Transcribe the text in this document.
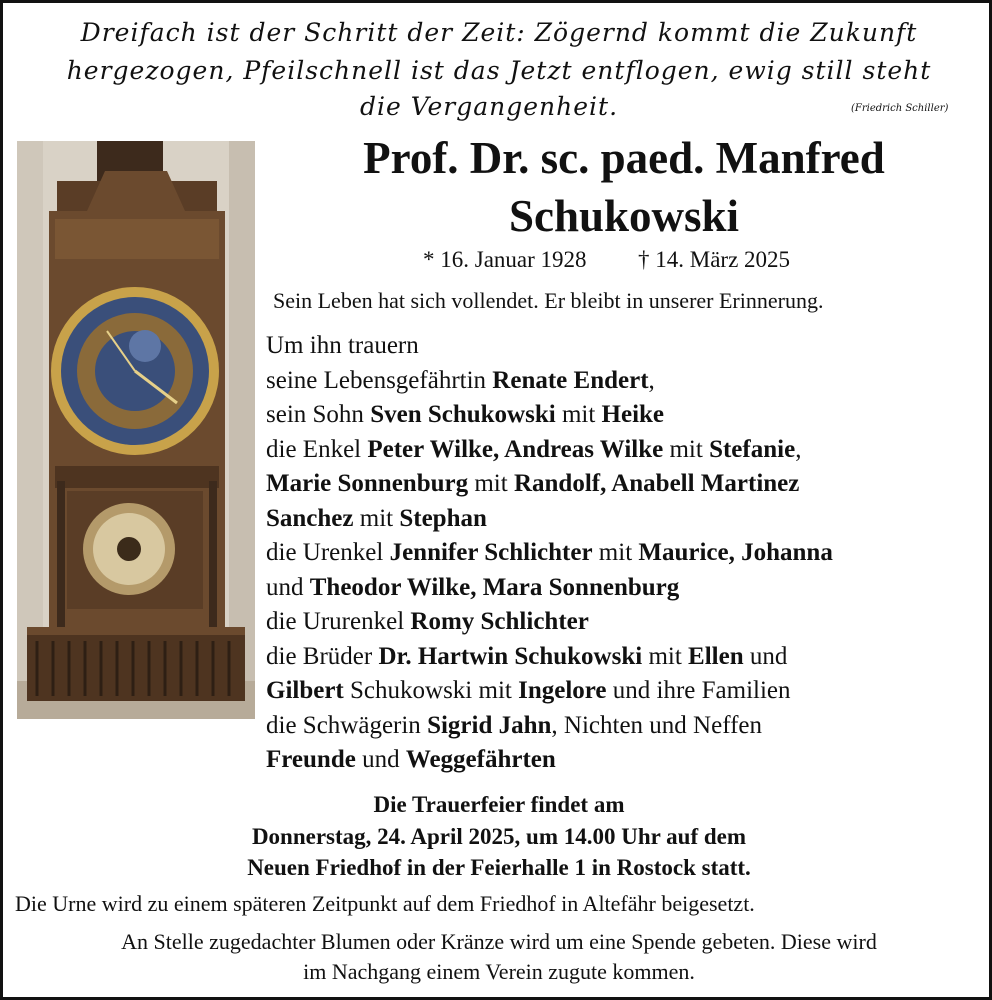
Dreifach ist der Schritt der Zeit: Zögernd kommt die Zukunft

hergezogen, Pfeilschnell ist das Jetzt entflogen, ewig still steht

die Vergangenheit.	(Friedrich Schiller)
Prof. Dr. sc. paed. Manfred
Schukowski
* 16. Januar 1928 † 14. März 2025

Sein Leben hat sich vollendet. Er bleibt in unserer Erinnerung.

Um ihn trauern
seine Lebensgefährtin Renate Endert,
sein Sohn Sven Schukowski mit Heike
die Enkel Peter Wilke, Andreas Wilke mit Stefanie,
Marie Sonnenburg mit Randolf, Anabell Martinez
Sanchez mit Stephan
die Urenkel Jennifer Schlichter mit Maurice, Johanna
und Theodor Wilke, Mara Sonnenburg
die Ururenkel Romy Schlichter
die Brüder Dr. Hartwin Schukowski mit Ellen und
Gilbert Schukowski mit Ingelore und ihre Familien
die Schwägerin Sigrid Jahn, Nichten und Neffen
Freunde und Weggefährten

Die Trauerfeier findet am

Donnerstag, 24. April 2025, um 14.00 Uhr auf dem

Neuen Friedhof in der Feierhalle 1 in Rostock statt.

Die Urne wird zu einem späteren Zeitpunkt auf dem Friedhof in Altefähr beigesetzt.

An Stelle zugedachter Blumen oder Kränze wird um eine Spende gebeten. Diese wird

im Nachgang einem Verein zugute kommen.
